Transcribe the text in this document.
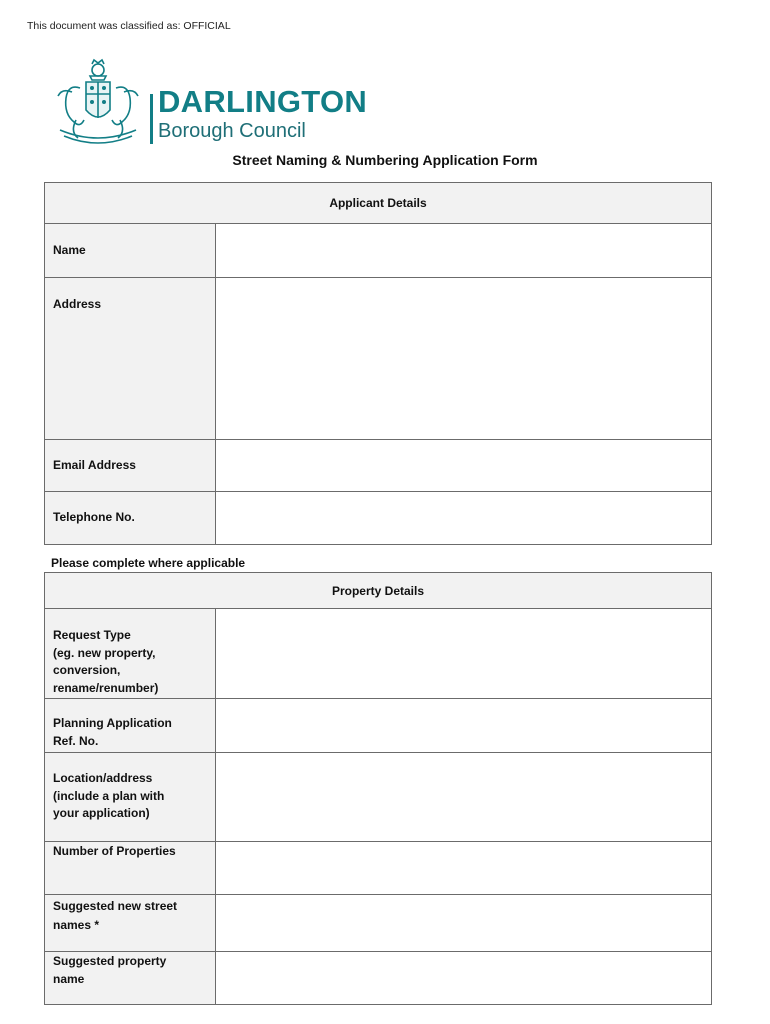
This document was classified as: OFFICIAL
DARLINGTON
Borough Council
Street Naming & Numbering Application Form
Applicant Details	
Name	
Address	
Email Address	
Telephone No.	
Please complete where applicable
Property Details	

Request Type
(eg. new property,
conversion,
rename/renumber)	

Planning Application
Ref. No.	

Location/address
(include a plan with
your application)	

Number of Properties	

Suggested new street
names *	

Suggested property
name	
